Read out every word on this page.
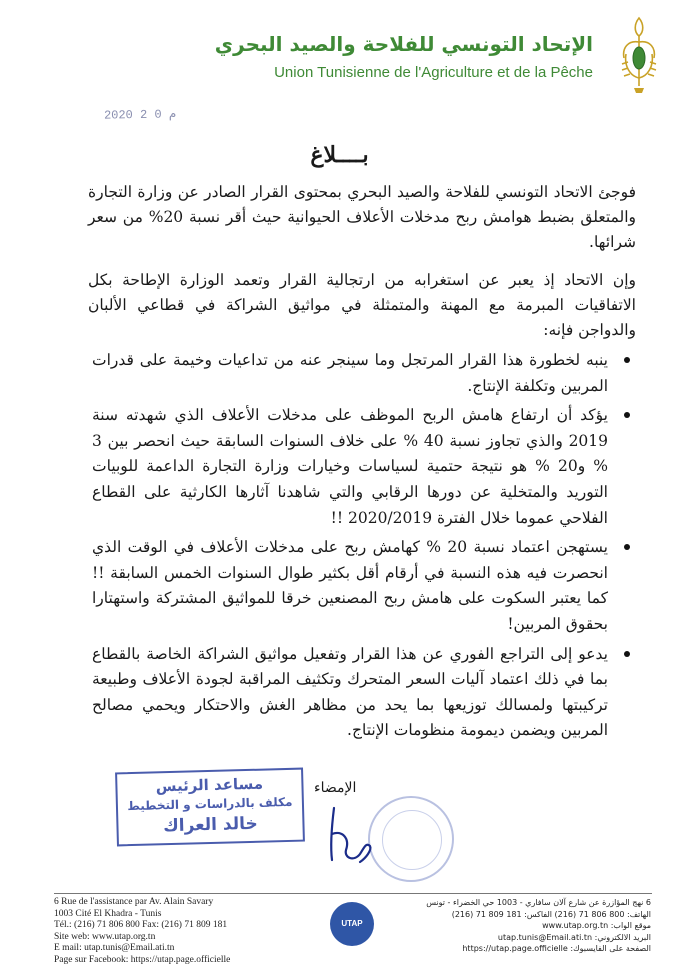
الإتحاد التونسي للفلاحة والصيد البحري
Union Tunisienne de l'Agriculture et de la Pêche
2020 م 0 2
بــــلاغ
فوجئ الاتحاد التونسي للفلاحة والصيد البحري بمحتوى القرار الصادر عن وزارة التجارة والمتعلق بضبط هوامش ربح مدخلات الأعلاف الحيوانية حيث أقر نسبة 20% من سعر شرائها.
وإن الاتحاد إذ يعبر عن استغرابه من ارتجالية القرار وتعمد الوزارة الإطاحة بكل الاتفاقيات المبرمة مع المهنة والمتمثلة في مواثيق الشراكة في قطاعي الألبان والدواجن فإنه:
ينبه لخطورة هذا القرار المرتجل وما سينجر عنه من تداعيات وخيمة على قدرات المربين وتكلفة الإنتاج.
يؤكد أن ارتفاع هامش الربح الموظف على مدخلات الأعلاف الذي شهدته سنة 2019 والذي تجاوز نسبة 40 % على خلاف السنوات السابقة حيث انحصر بين 3 % و20 % هو نتيجة حتمية لسياسات وخيارات وزارة التجارة الداعمة للوبيات التوريد والمتخلية عن دورها الرقابي والتي شاهدنا آثارها الكارثية على القطاع الفلاحي عموما خلال الفترة 2020/2019 !!
يستهجن اعتماد نسبة 20 % كهامش ربح على مدخلات الأعلاف في الوقت الذي انحصرت فيه هذه النسبة في أرقام أقل بكثير طوال السنوات الخمس السابقة !! كما يعتبر السكوت على هامش ربح المصنعين خرقا للمواثيق المشتركة واستهتارا بحقوق المربين!
يدعو إلى التراجع الفوري عن هذا القرار وتفعيل مواثيق الشراكة الخاصة بالقطاع بما في ذلك اعتماد آليات السعر المتحرك وتكثيف المراقبة لجودة الأعلاف وطبيعة تركيبتها ولمسالك توزيعها بما يحد من مظاهر الغش والاحتكار ويحمي مصالح المربين ويضمن ديمومة منظومات الإنتاج.
الإمضاء
مساعد الرئيس
مكلف بالدراسات و التخطيط
خالد العراك
6 Rue de l'assistance par Av. Alain Savary
1003 Cité El Khadra - Tunis
Tél.: (216) 71 806 800 Fax: (216) 71 809 181
Site web: www.utap.org.tn
E mail: utap.tunis@Email.ati.tn
Page sur Facebook: https://utap.page.officielle
UTAP
6 نهج المؤازرة عن شارع آلان سافاري - 1003 حي الخضراء - تونس
الهاتف: 800 806 71 (216) الفاكس: 181 809 71 (216)
موقع الواب: www.utap.org.tn
البريد الالكتروني: utap.tunis@Email.ati.tn
الصفحة على الفايسبوك: https://utap.page.officielle
